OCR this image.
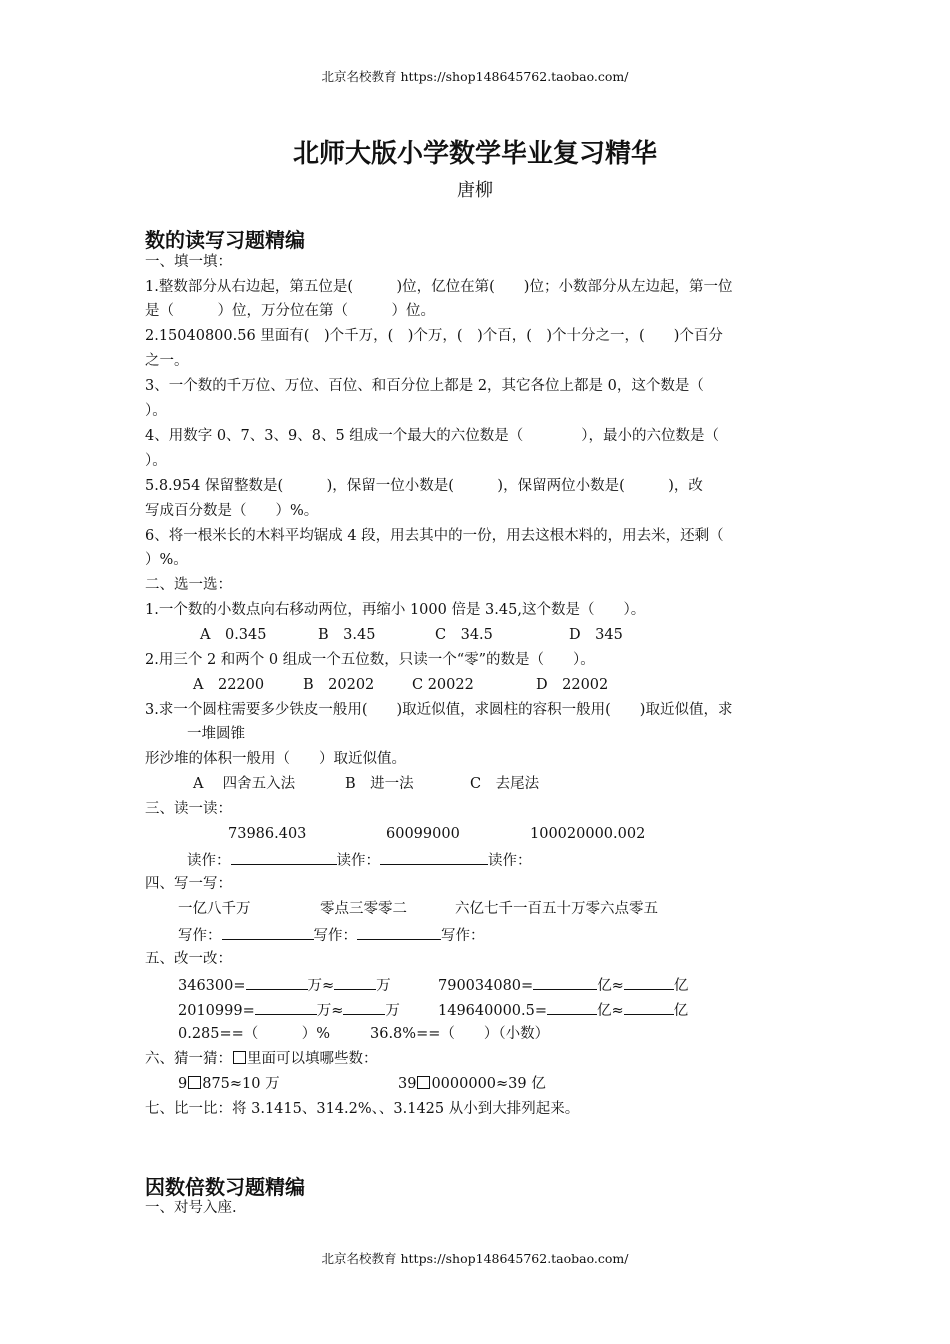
北京名校教育 https://shop148645762.taobao.com/
北师大版小学数学毕业复习精华
唐柳
数的读写习题精编
一、填一填：
1.整数部分从右边起，第五位是(　　　)位，亿位在第(　　)位；小数部分从左边起，第一位
是（　　　）位，万分位在第（　　　）位。
2.15040800.56 里面有(　)个千万，(　)个万，(　)个百，(　)个十分之一，(　　)个百分
之一。
3、一个数的千万位、万位、百位、和百分位上都是 2，其它各位上都是 0，这个数是（
）。
4、用数字 0、7、3、9、8、5 组成一个最大的六位数是（　　　　），最小的六位数是（
）。
5.8.954 保留整数是(　　　)，保留一位小数是(　　　)，保留两位小数是(　　　)，改
写成百分数是（　　）%。
6、将一根米长的木料平均锯成 4 段，用去其中的一份，用去这根木料的，用去米，还剩（
）%。
二、选一选：
1.一个数的小数点向右移动两位，再缩小 1000 倍是 3.45,这个数是（　　）。
A　0.345	B　3.45	C　34.5	D　345
2.用三个 2 和两个 0 组成一个五位数，只读一个“零”的数是（　　）。
A　22200	B　20202	C 20022	D　22002
3.求一个圆柱需要多少铁皮一般用(　　)取近似值，求圆柱的容积一般用(　　)取近似值，求
一堆圆锥
形沙堆的体积一般用（　　）取近似值。
A　 四舍五入法	B　进一法	C　去尾法
三、读一读：
73986.403	60099000	100020000.002
读作：	读作：	读作：
四、写一写：
一亿八千万	零点三零零二	六亿七千一百五十万零六点零五
写作：	写作：	写作：
五、改一改：
346300=	万≈	万	790034080=	亿≈	亿
2010999=	万≈	万	149640000.5=	亿≈	亿
0.285==（　　　）%	36.8%==（　　）（小数）
六、猜一猜： 里面可以填哪些数：
9 875≈10 万	39 0000000≈39 亿
七、比一比：将 3.1415、314.2%、、3.1425 从小到大排列起来。
因数倍数习题精编
一、对号入座.
北京名校教育 https://shop148645762.taobao.com/
